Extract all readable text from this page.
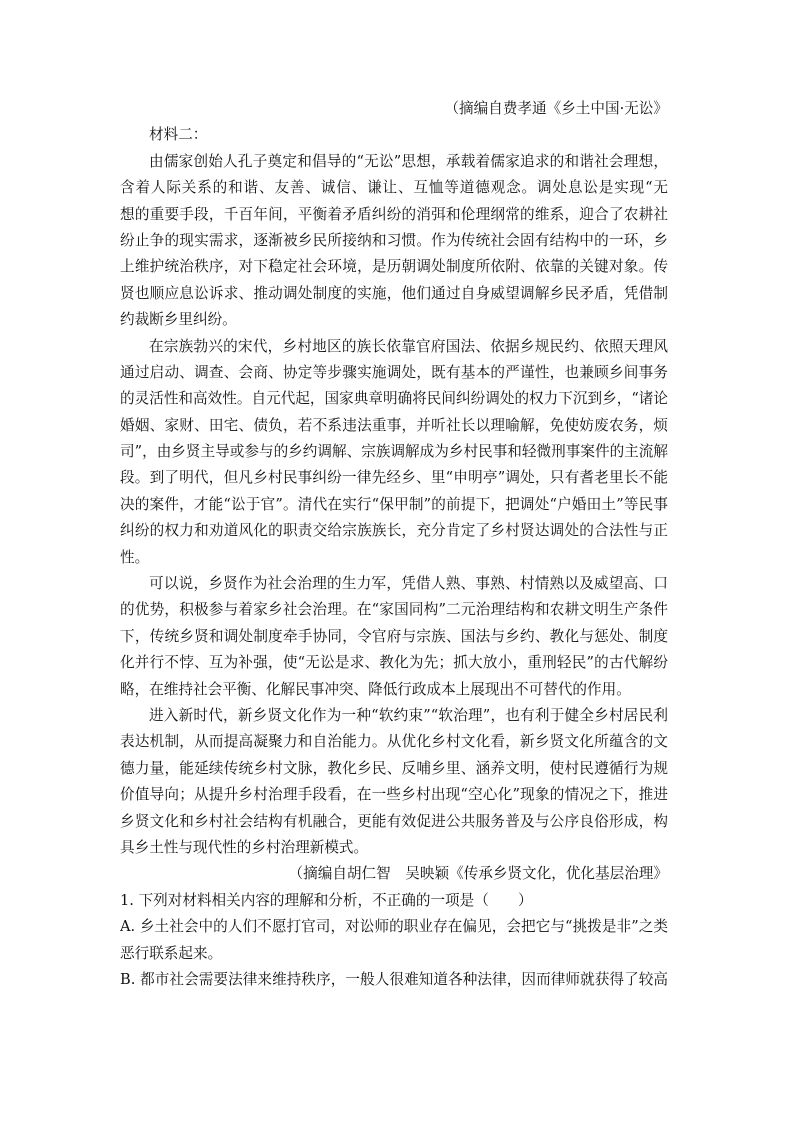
（摘编自费孝通《乡土中国·无讼》
材料二：
由儒家创始人孔子奠定和倡导的“无讼”思想，承载着儒家追求的和谐社会理想，
含着人际关系的和谐、友善、诚信、谦让、互恤等道德观念。调处息讼是实现“无
想的重要手段，千百年间，平衡着矛盾纠纷的消弭和伦理纲常的维系，迎合了农耕社
纷止争的现实需求，逐渐被乡民所接纳和习惯。作为传统社会固有结构中的一环，乡
上维护统治秩序，对下稳定社会环境，是历朝调处制度所依附、依靠的关键对象。传
贤也顺应息讼诉求、推动调处制度的实施，他们通过自身威望调解乡民矛盾，凭借制
约裁断乡里纠纷。
在宗族勃兴的宋代，乡村地区的族长依靠官府国法、依据乡规民约、依照天理风
通过启动、调查、会商、协定等步骤实施调处，既有基本的严谨性，也兼顾乡间事务
的灵活性和高效性。自元代起，国家典章明确将民间纠纷调处的权力下沉到乡，“诸论
婚姻、家财、田宅、债负，若不系违法重事，并听社长以理喻解，免使妨废农务，烦
司”，由乡贤主导或参与的乡约调解、宗族调解成为乡村民事和轻微刑事案件的主流解
段。到了明代，但凡乡村民事纠纷一律先经乡、里“申明亭”调处，只有耆老里长不能
决的案件，才能“讼于官”。清代在实行“保甲制”的前提下，把调处“户婚田土”等民事
纠纷的权力和劝道风化的职责交给宗族族长，充分肯定了乡村贤达调处的合法性与正
性。
可以说，乡贤作为社会治理的生力军，凭借人熟、事熟、村情熟以及威望高、口
的优势，积极参与着家乡社会治理。在“家国同构”二元治理结构和农耕文明生产条件
下，传统乡贤和调处制度牵手协同，令官府与宗族、国法与乡约、教化与惩处、制度
化并行不悖、互为补强，使“无讼是求、教化为先；抓大放小，重刑轻民”的古代解纷
略，在维持社会平衡、化解民事冲突、降低行政成本上展现出不可替代的作用。
进入新时代，新乡贤文化作为一种“软约束”“软治理”，也有利于健全乡村居民利
表达机制，从而提高凝聚力和自治能力。从优化乡村文化看，新乡贤文化所蕴含的文
德力量，能延续传统乡村文脉，教化乡民、反哺乡里、涵养文明，使村民遵循行为规
价值导向；从提升乡村治理手段看，在一些乡村出现“空心化”现象的情况之下，推进
乡贤文化和乡村社会结构有机融合，更能有效促进公共服务普及与公序良俗形成，构
具乡土性与现代性的乡村治理新模式。
（摘编自胡仁智　吴映颖《传承乡贤文化，优化基层治理》
1. 下列对材料相关内容的理解和分析，不正确的一项是（　　）
A. 乡土社会中的人们不愿打官司，对讼师的职业存在偏见，会把它与“挑拨是非”之类
恶行联系起来。
B. 都市社会需要法律来维持秩序，一般人很难知道各种法律，因而律师就获得了较高
